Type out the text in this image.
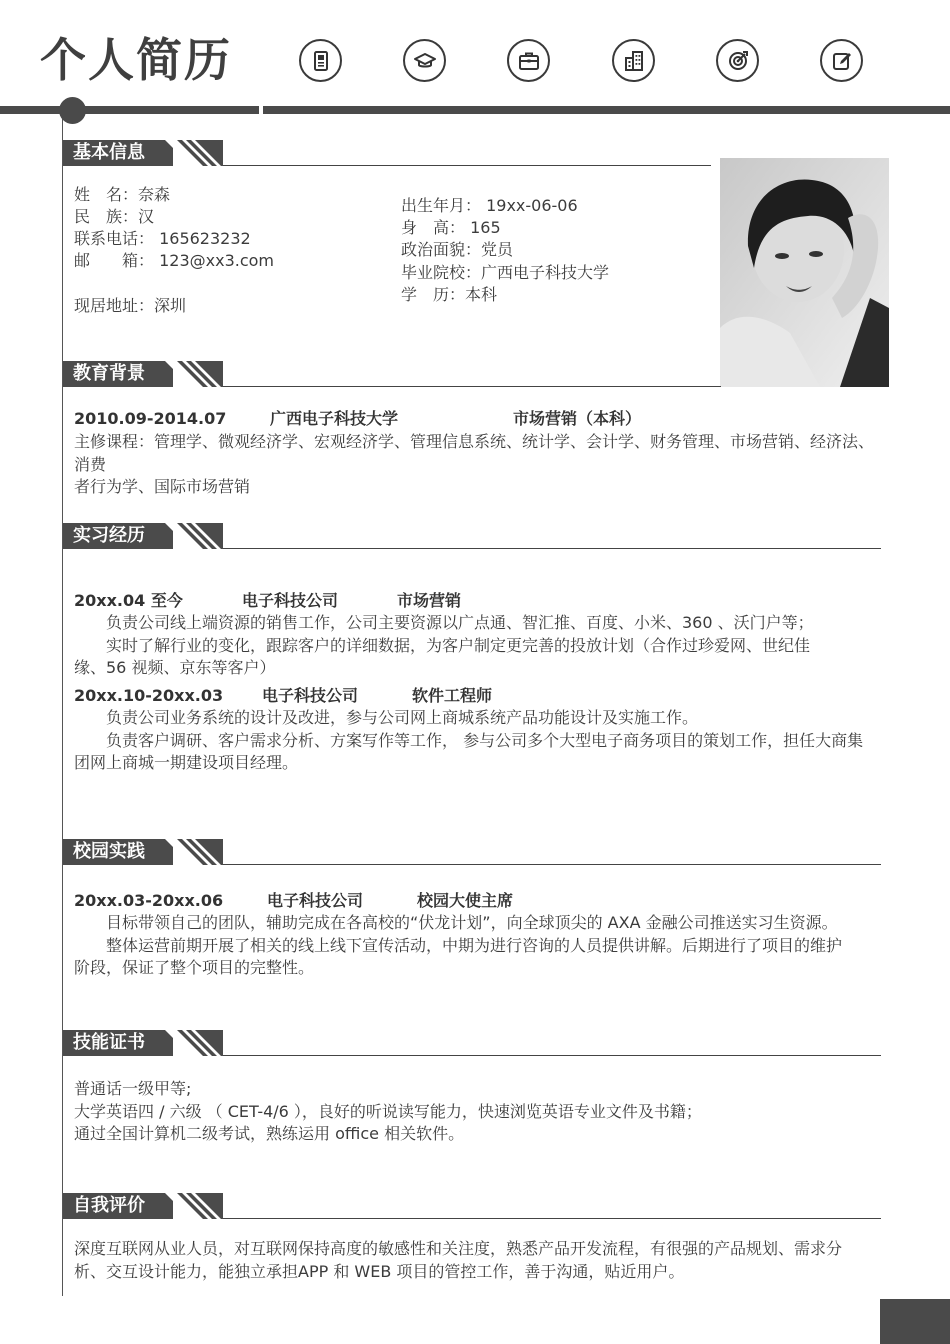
个人简历
基本信息
姓　名：奈森
民　族：汉
联系电话： 165623232
邮　　箱： 123@xx3.com
现居地址：深圳
出生年月： 19xx-06-06
身　高： 165
政治面貌：党员
毕业院校：广西电子科技大学
学　历：本科
教育背景
2010.09-2014.07	广西电子科技大学	市场营销（本科）
主修课程：管理学、微观经济学、宏观经济学、管理信息系统、统计学、会计学、财务管理、市场营销、经济法、消费
者行为学、国际市场营销
实习经历
20xx.04 至今	电子科技公司	市场营销
负责公司线上端资源的销售工作，公司主要资源以广点通、智汇推、百度、小米、360 、沃门户等；
实时了解行业的变化，跟踪客户的详细数据，为客户制定更完善的投放计划（合作过珍爱网、世纪佳
缘、56 视频、京东等客户）
20xx.10-20xx.03 电子科技公司	软件工程师
负责公司业务系统的设计及改进，参与公司网上商城系统产品功能设计及实施工作。
负责客户调研、客户需求分析、方案写作等工作， 参与公司多个大型电子商务项目的策划工作，担任大商集
团网上商城一期建设项目经理。
校园实践
20xx.03-20xx.06	电子科技公司	校园大使主席
目标带领自己的团队，辅助完成在各高校的“伏龙计划”，向全球顶尖的 AXA 金融公司推送实习生资源。
整体运营前期开展了相关的线上线下宣传活动，中期为进行咨询的人员提供讲解。后期进行了项目的维护
阶段，保证了整个项目的完整性。
技能证书
普通话一级甲等;
大学英语四 / 六级 （ CET-4/6 ），良好的听说读写能力，快速浏览英语专业文件及书籍；
通过全国计算机二级考试，熟练运用 office 相关软件。
自我评价
深度互联网从业人员，对互联网保持高度的敏感性和关注度，熟悉产品开发流程，有很强的产品规划、需求分
析、交互设计能力，能独立承担APP 和 WEB 项目的管控工作，善于沟通，贴近用户。
